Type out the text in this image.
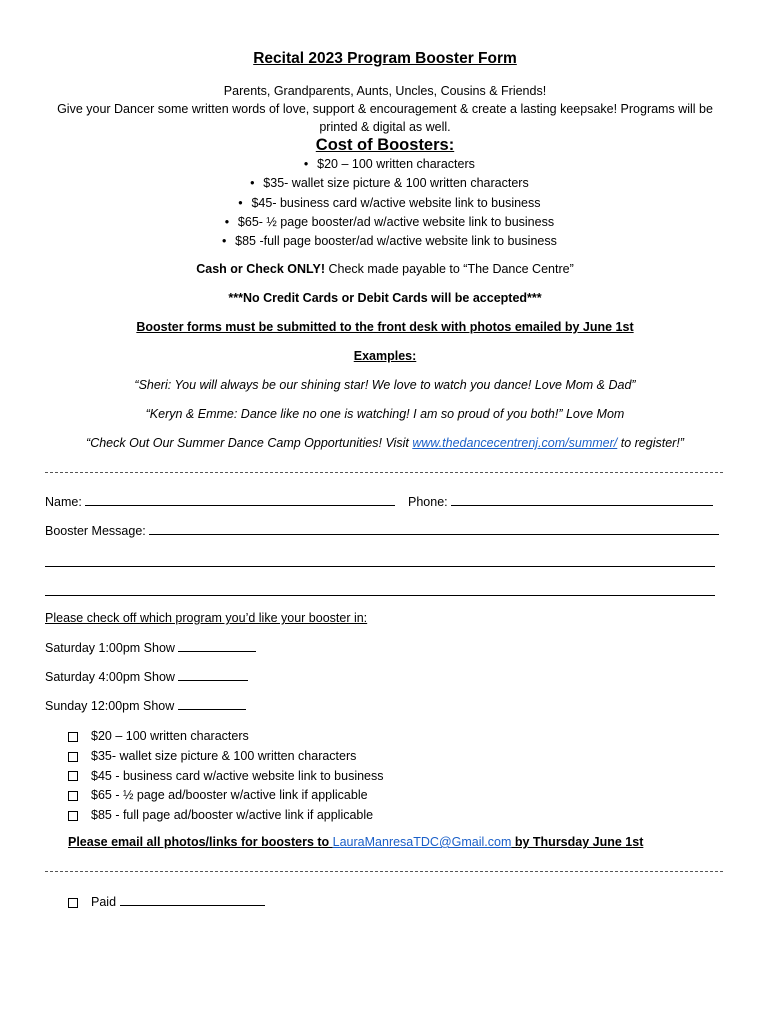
Recital 2023 Program Booster Form
Parents, Grandparents, Aunts, Uncles, Cousins & Friends!
Give your Dancer some written words of love, support & encouragement & create a lasting keepsake! Programs will be printed & digital as well.
Cost of Boosters:
• $20 – 100 written characters
• $35- wallet size picture & 100 written characters
• $45- business card w/active website link to business
• $65- ½ page booster/ad w/active website link to business
• $85 -full page booster/ad w/active website link to business
Cash or Check ONLY! Check made payable to “The Dance Centre”
***No Credit Cards or Debit Cards will be accepted***
Booster forms must be submitted to the front desk with photos emailed by June 1st
Examples:
“Sheri: You will always be our shining star! We love to watch you dance! Love Mom & Dad”
“Keryn & Emme: Dance like no one is watching! I am so proud of you both!” Love Mom
“Check Out Our Summer Dance Camp Opportunities! Visit www.thedancecentrenj.com/summer/ to register!”
Name:	Phone:
Booster Message:
Please check off which program you’d like your booster in:
Saturday 1:00pm Show
Saturday 4:00pm Show
Sunday 12:00pm Show
$20 – 100 written characters
$35- wallet size picture & 100 written characters
$45 - business card w/active website link to business
$65 - ½ page ad/booster w/active link if applicable
$85 - full page ad/booster w/active link if applicable
Please email all photos/links for boosters to LauraManresaTDC@Gmail.com by Thursday June 1st
Paid
